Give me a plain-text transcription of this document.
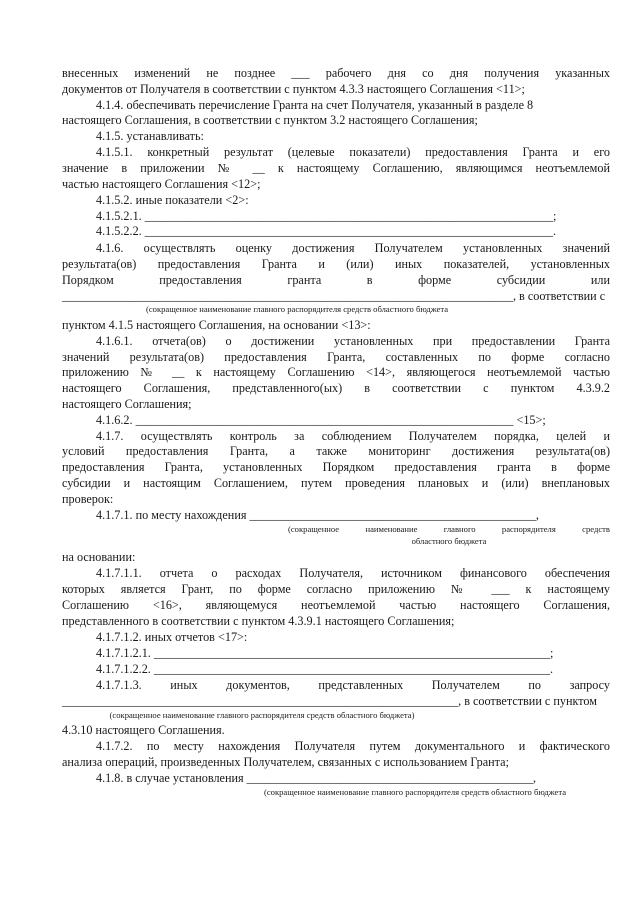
внесенных изменений не позднее ___ рабочего дня со дня получения указанных

документов от Получателя в соответствии с пунктом 4.3.3 настоящего Соглашения <11>;

4.1.4. обеспечивать перечисление Гранта на счет Получателя, указанный в разделе 8

настоящего Соглашения, в соответствии с пунктом 3.2 настоящего Соглашения;

4.1.5. устанавливать:

4.1.5.1. конкретный результат (целевые показатели) предоставления Гранта и его

значение в приложении № __ к настоящему Соглашению, являющимся неотъемлемой

частью настоящего Соглашения <12>;

4.1.5.2. иные показатели <2>:

4.1.5.2.1. ___________________________________________________________________;

4.1.5.2.2. ___________________________________________________________________.

4.1.6. осуществлять оценку достижения Получателем установленных значений

результата(ов) предоставления Гранта и (или) иных показателей, установленных

Порядком предоставления гранта в форме субсидии или

__________________________________________________________________________, в соответствии с

(сокращенное наименование главного распорядителя средств областного бюджета

пунктом 4.1.5 настоящего Соглашения, на основании <13>:

4.1.6.1. отчета(ов) о достижении установленных при предоставлении Гранта

значений результата(ов) предоставления Гранта, составленных по форме согласно

приложению № __ к настоящему Соглашению <14>, являющегося неотъемлемой частью

настоящего Соглашения, представленного(ых) в соответствии с пунктом 4.3.9.2

настоящего Соглашения;

4.1.6.2. ______________________________________________________________ <15>;

4.1.7. осуществлять контроль за соблюдением Получателем порядка, целей и

условий предоставления Гранта, а также мониторинг достижения результата(ов)

предоставления Гранта, установленных Порядком предоставления гранта в форме

субсидии и настоящим Соглашением, путем проведения плановых и (или) внеплановых

проверок:

4.1.7.1. по месту нахождения _______________________________________________,

(сокращенное наименование главного распорядителя средств

областного бюджета

на основании:

4.1.7.1.1. отчета о расходах Получателя, источником финансового обеспечения

которых является Грант, по форме согласно приложению № ___ к настоящему

Соглашению <16>, являющемуся неотъемлемой частью настоящего Соглашения,

представленного в соответствии с пунктом 4.3.9.1 настоящего Соглашения;

4.1.7.1.2. иных отчетов <17>:

4.1.7.1.2.1. _________________________________________________________________;

4.1.7.1.2.2. _________________________________________________________________.

4.1.7.1.3. иных документов, представленных Получателем по запросу

_________________________________________________________________, в соответствии с пунктом

(сокращенное наименование главного распорядителя средств областного бюджета)

4.3.10 настоящего Соглашения.

4.1.7.2. по месту нахождения Получателя путем документального и фактического

анализа операций, произведенных Получателем, связанных с использованием Гранта;

4.1.8. в случае установления _______________________________________________,

(сокращенное наименование главного распорядителя средств областного бюджета
